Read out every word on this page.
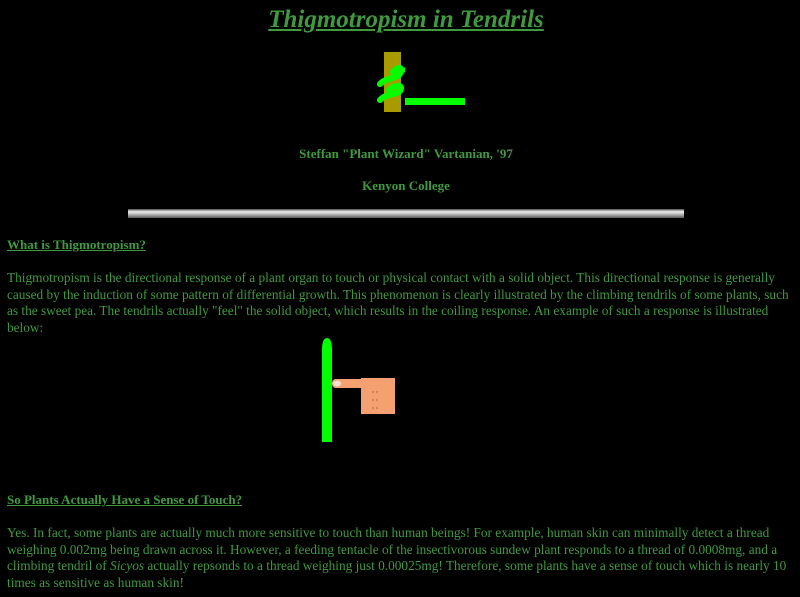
Thigmotropism in Tendrils
Steffan "Plant Wizard" Vartanian, '97
Kenyon College
What is Thigmotropism?
Thigmotropism is the directional response of a plant organ to touch or physical contact with a solid object. This directional response is generally caused by the induction of some pattern of differential growth. This phenomenon is clearly illustrated by the climbing tendrils of some plants, such as the sweet pea. The tendrils actually "feel" the solid object, which results in the coiling response. An example of such a response is illustrated below:
So Plants Actually Have a Sense of Touch?
Yes. In fact, some plants are actually much more sensitive to touch than human beings! For example, human skin can minimally detect a thread weighing 0.002mg being drawn across it. However, a feeding tentacle of the insectivorous sundew plant responds to a thread of 0.0008mg, and a climbing tendril of Sicyos actually repsonds to a thread weighing just 0.00025mg! Therefore, some plants have a sense of touch which is nearly 10 times as sensitive as human skin!
